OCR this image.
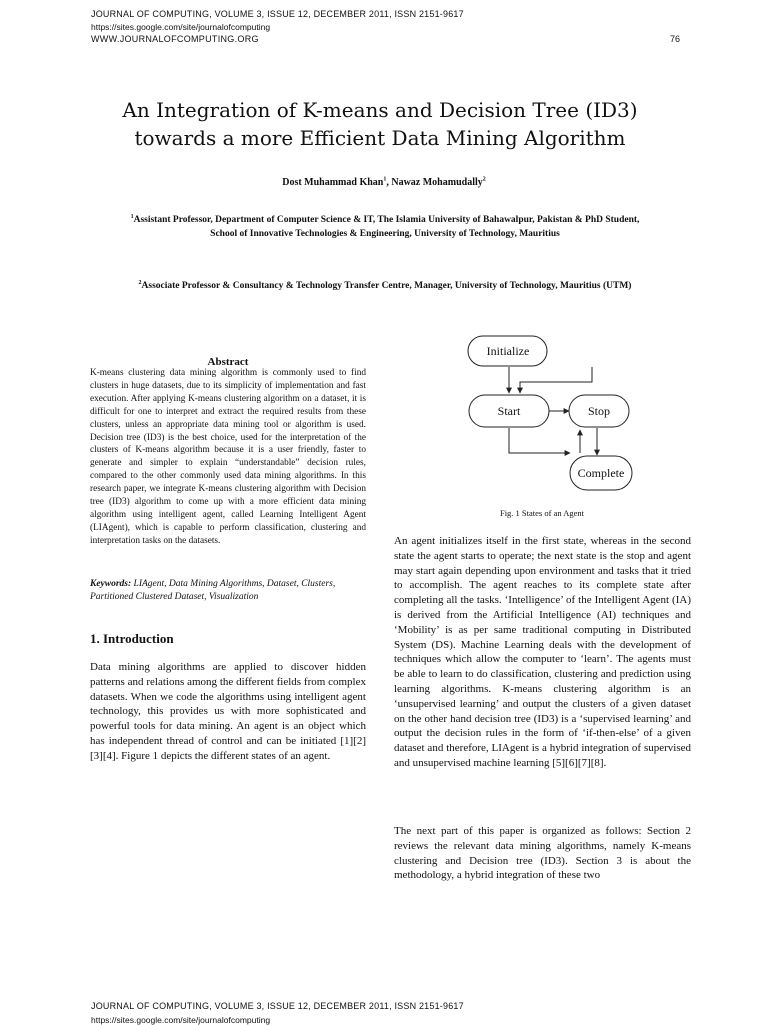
JOURNAL OF COMPUTING, VOLUME 3, ISSUE 12, DECEMBER 2011, ISSN 2151-9617
https://sites.google.com/site/journalofcomputing
WWW.JOURNALOFCOMPUTING.ORG	76
An Integration of K-means and Decision Tree (ID3)
towards a more Efficient Data Mining Algorithm
Dost Muhammad Khan$^1$, Nawaz Mohamudally$^2$
$^1$Assistant Professor, Department of Computer Science & IT, The Islamia University of Bahawalpur, Pakistan & PhD Student,
School of Innovative Technologies & Engineering, University of Technology, Mauritius
$^2$Associate Professor & Consultancy & Technology Transfer Centre, Manager, University of Technology, Mauritius (UTM)
Abstract
K-means clustering data mining algorithm is commonly used to find clusters in huge datasets, due to its simplicity of implementation and fast execution. After applying K-means clustering algorithm on a dataset, it is difficult for one to interpret and extract the required results from these clusters, unless an appropriate data mining tool or algorithm is used. Decision tree (ID3) is the best choice, used for the interpretation of the clusters of K-means algorithm because it is a user friendly, faster to generate and simpler to explain “understandable” decision rules, compared to the other commonly used data mining algorithms. In this research paper, we integrate K-means clustering algorithm with Decision tree (ID3) algorithm to come up with a more efficient data mining algorithm using intelligent agent, called Learning Intelligent Agent (LIAgent), which is capable to perform classification, clustering and interpretation tasks on the datasets.
Keywords: LIAgent, Data Mining Algorithms, Dataset, Clusters, Partitioned Clustered Dataset, Visualization
1. Introduction
Data mining algorithms are applied to discover hidden patterns and relations among the different fields from complex datasets. When we code the algorithms using intelligent agent technology, this provides us with more sophisticated and powerful tools for data mining. An agent is an object which has independent thread of control and can be initiated [1][2][3][4]. Figure 1 depicts the different states of an agent.
Initialize
Start	Stop
Complete
Fig. 1 States of an Agent
An agent initializes itself in the first state, whereas in the second state the agent starts to operate; the next state is the stop and agent may start again depending upon environment and tasks that it tried to accomplish. The agent reaches to its complete state after completing all the tasks. ‘Intelligence’ of the Intelligent Agent (IA) is derived from the Artificial Intelligence (AI) techniques and ‘Mobility’ is as per same traditional computing in Distributed System (DS). Machine Learning deals with the development of techniques which allow the computer to ‘learn’. The agents must be able to learn to do classification, clustering and prediction using learning algorithms. K-means clustering algorithm is an ‘unsupervised learning’ and output the clusters of a given dataset on the other hand decision tree (ID3) is a ‘supervised learning’ and output the decision rules in the form of ‘if-then-else’ of a given dataset and therefore, LIAgent is a hybrid integration of supervised and unsupervised machine learning [5][6][7][8].
The next part of this paper is organized as follows: Section 2 reviews the relevant data mining algorithms, namely K-means clustering and Decision tree (ID3). Section 3 is about the methodology, a hybrid integration of these two
JOURNAL OF COMPUTING, VOLUME 3, ISSUE 12, DECEMBER 2011, ISSN 2151-9617
https://sites.google.com/site/journalofcomputing
